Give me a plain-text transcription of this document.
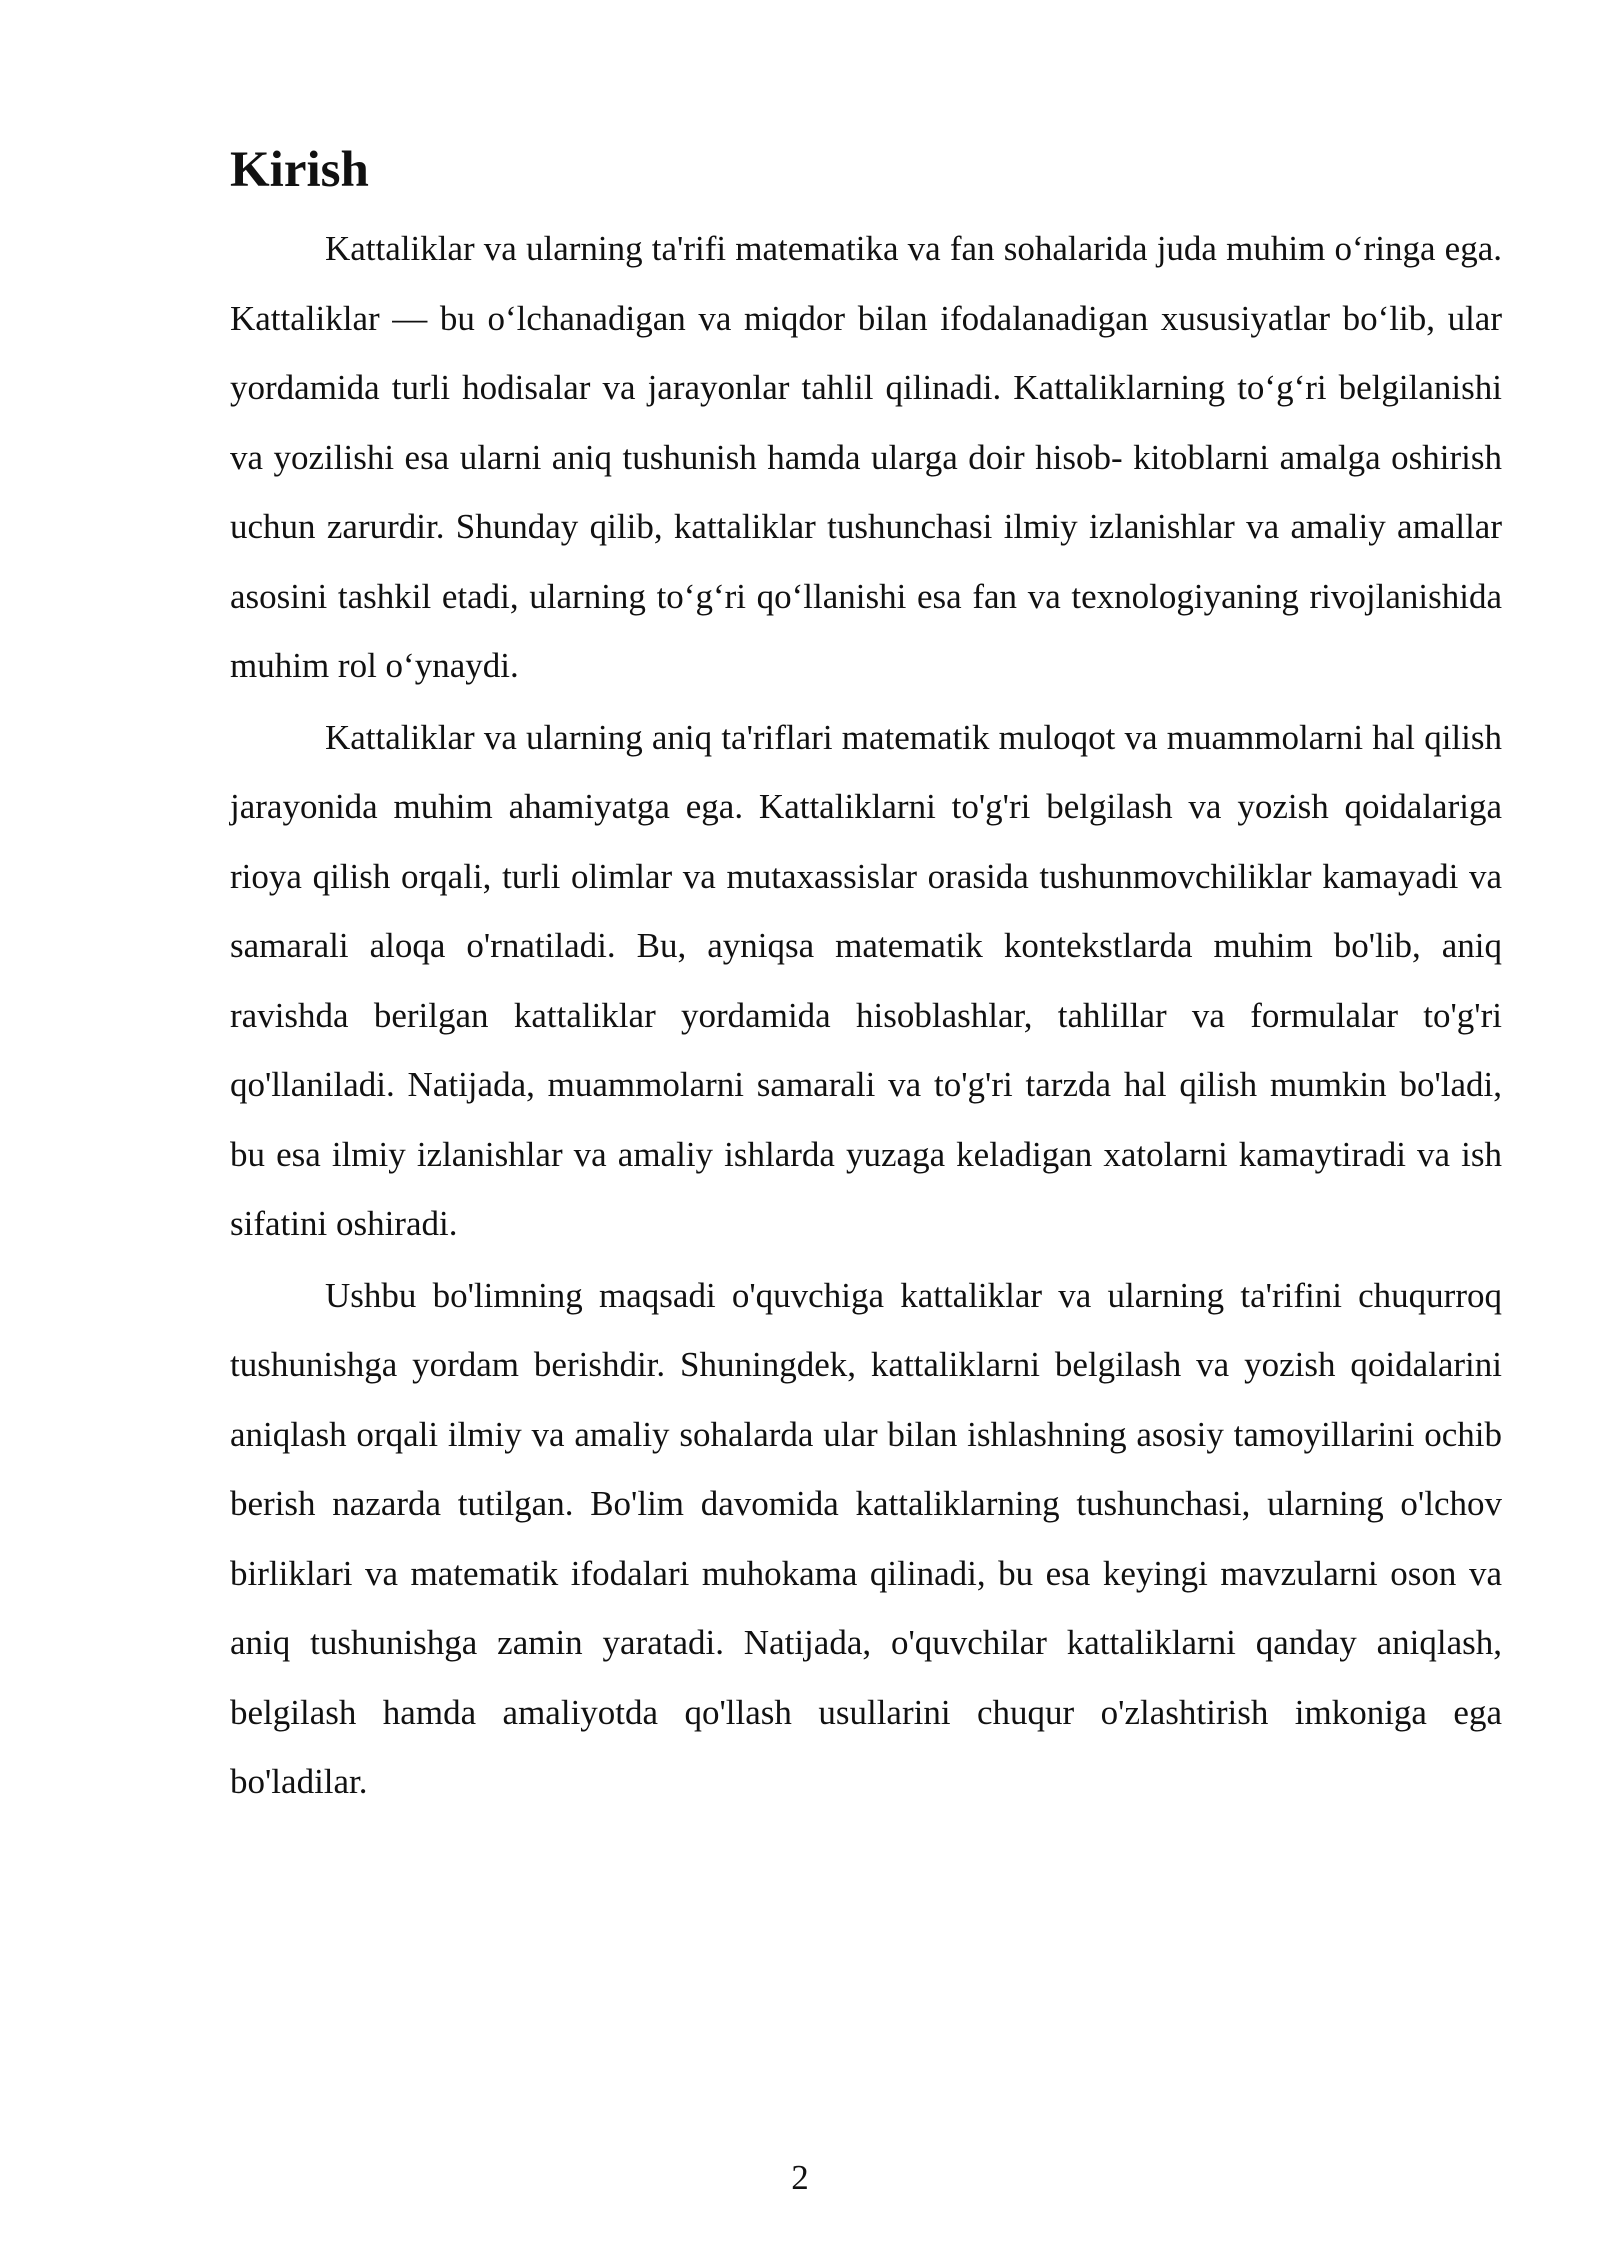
Kirish

Kattaliklar va ularning ta'rifi matematika va fan sohalarida juda muhim o‘ringa ega. Kattaliklar — bu o‘lchanadigan va miqdor bilan ifodalanadigan xususiyatlar bo‘lib, ular yordamida turli hodisalar va jarayonlar tahlil qilinadi. Kattaliklarning to‘g‘ri belgilanishi va yozilishi esa ularni aniq tushunish hamda ularga doir hisob- kitoblarni amalga oshirish uchun zarurdir. Shunday qilib, kattaliklar tushunchasi ilmiy izlanishlar va amaliy amallar asosini tashkil etadi, ularning to‘g‘ri qo‘llanishi esa fan va texnologiyaning rivojlanishida muhim rol o‘ynaydi.

Kattaliklar va ularning aniq ta'riflari matematik muloqot va muammolarni hal qilish jarayonida muhim ahamiyatga ega. Kattaliklarni to'g'ri belgilash va yozish qoidalariga rioya qilish orqali, turli olimlar va mutaxassislar orasida tushunmovchiliklar kamayadi va samarali aloqa o'rnatiladi. Bu, ayniqsa matematik kontekstlarda muhim bo'lib, aniq ravishda berilgan kattaliklar yordamida hisoblashlar, tahlillar va formulalar to'g'ri qo'llaniladi. Natijada, muammolarni samarali va to'g'ri tarzda hal qilish mumkin bo'ladi, bu esa ilmiy izlanishlar va amaliy ishlarda yuzaga keladigan xatolarni kamaytiradi va ish sifatini oshiradi.

Ushbu bo'limning maqsadi o'quvchiga kattaliklar va ularning ta'rifini chuqurroq tushunishga yordam berishdir. Shuningdek, kattaliklarni belgilash va yozish qoidalarini aniqlash orqali ilmiy va amaliy sohalarda ular bilan ishlashning asosiy tamoyillarini ochib berish nazarda tutilgan. Bo'lim davomida kattaliklarning tushunchasi, ularning o'lchov birliklari va matematik ifodalari muhokama qilinadi, bu esa keyingi mavzularni oson va aniq tushunishga zamin yaratadi. Natijada, o'quvchilar kattaliklarni qanday aniqlash, belgilash hamda amaliyotda qo'llash usullarini chuqur o'zlashtirish imkoniga ega bo'ladilar.

2
